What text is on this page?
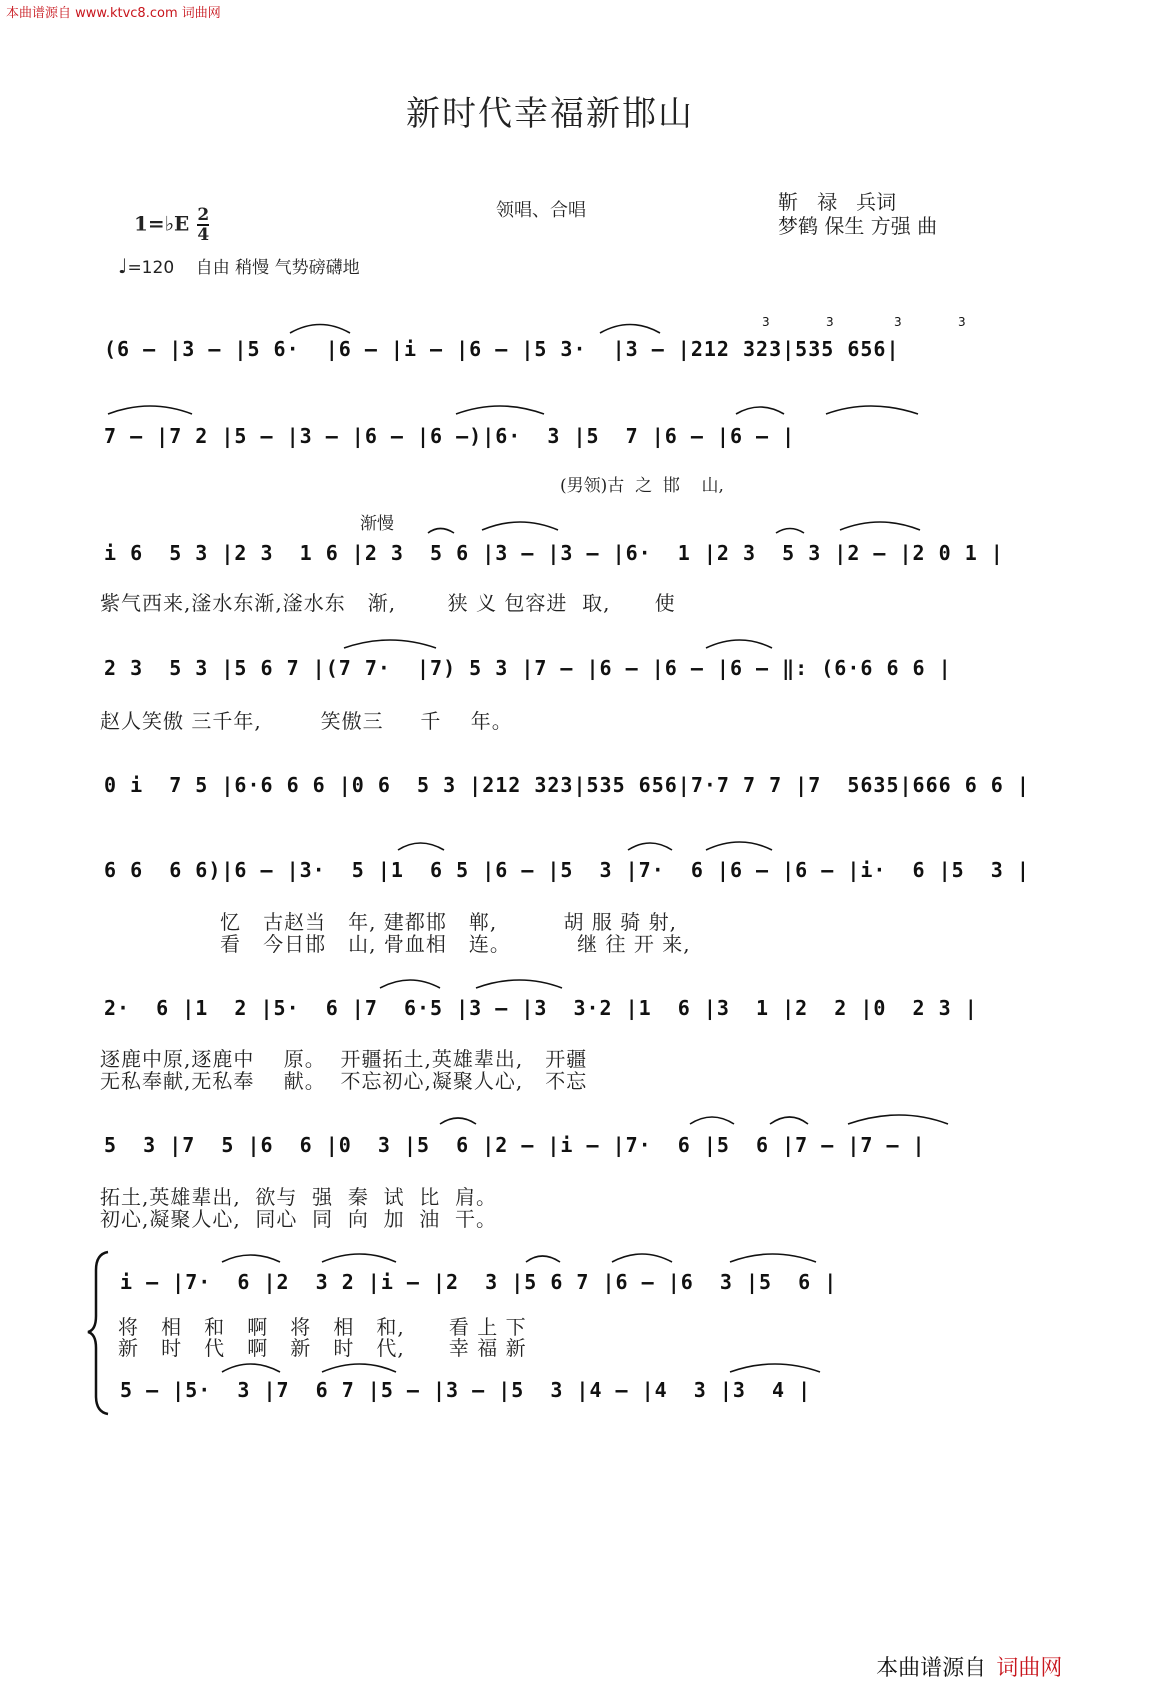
本曲谱源自 www.ktvc8.com 词曲网
新时代幸福新邯山

1=♭E $\frac{2}{4}$	领唱、合唱	靳   禄   兵词
梦鹤 保生 方强 曲
♩=120 自由 稍慢 气势磅礴地
(6 – |3 – |5 6·  |6 – |i – |6 – |5 3·  |3 – |212 323|535 656|
7 – |7 2 |5 – |3 – |6 – |6 –)|6·  3 |5  7 |6 – |6 – |
(男领)古  之  邯    山,
渐慢
i 6  5 3 |2 3  1 6 |2 3  5 6 |3 – |3 – |6·  1 |2 3  5 3 |2 – |2 0 1 |
紫气西来,滏水东渐,滏水东   渐,       狭 义 包容进  取,      使
2 3  5 3 |5 6 7 |(7 7·  |7) 5 3 |7 – |6 – |6 – |6 – ‖: (6·6 6 6 |
赵人笑傲 三千年,        笑傲三     千    年。
0 i  7 5 |6·6 6 6 |0 6  5 3 |212 323|535 656|7·7 7 7 |7  5635|666 6 6 |
6 6  6 6)|6 – |3·  5 |1  6 5 |6 – |5  3 |7·  6 |6 – |6 – |i·  6 |5  3 |
忆   古赵当   年, 建都邯   郸,         胡 服 骑 射,
看   今日邯   山, 骨血相   连。         继 往 开 来,
2·  6 |1  2 |5·  6 |7  6·5 |3 – |3  3·2 |1  6 |3  1 |2  2 |0  2 3 |
逐鹿中原,逐鹿中    原。  开疆拓土,英雄辈出,   开疆
无私奉献,无私奉    献。  不忘初心,凝聚人心,   不忘
5  3 |7  5 |6  6 |0  3 |5  6 |2 – |i – |7·  6 |5  6 |7 – |7 – |
拓土,英雄辈出,  欲与  强  秦  试  比  肩。
初心,凝聚人心,  同心  同  向  加  油  干。
i – |7·  6 |2  3 2 |i – |2  3 |5 6 7 |6 – |6  3 |5  6 |
将   相   和   啊   将   相   和,      看 上 下
新   时   代   啊   新   时   代,      幸 福 新
5 – |5·  3 |7  6 7 |5 – |3 – |5  3 |4 – |4  3 |3  4 |
3	3	3	3

本曲谱源自 词曲网
